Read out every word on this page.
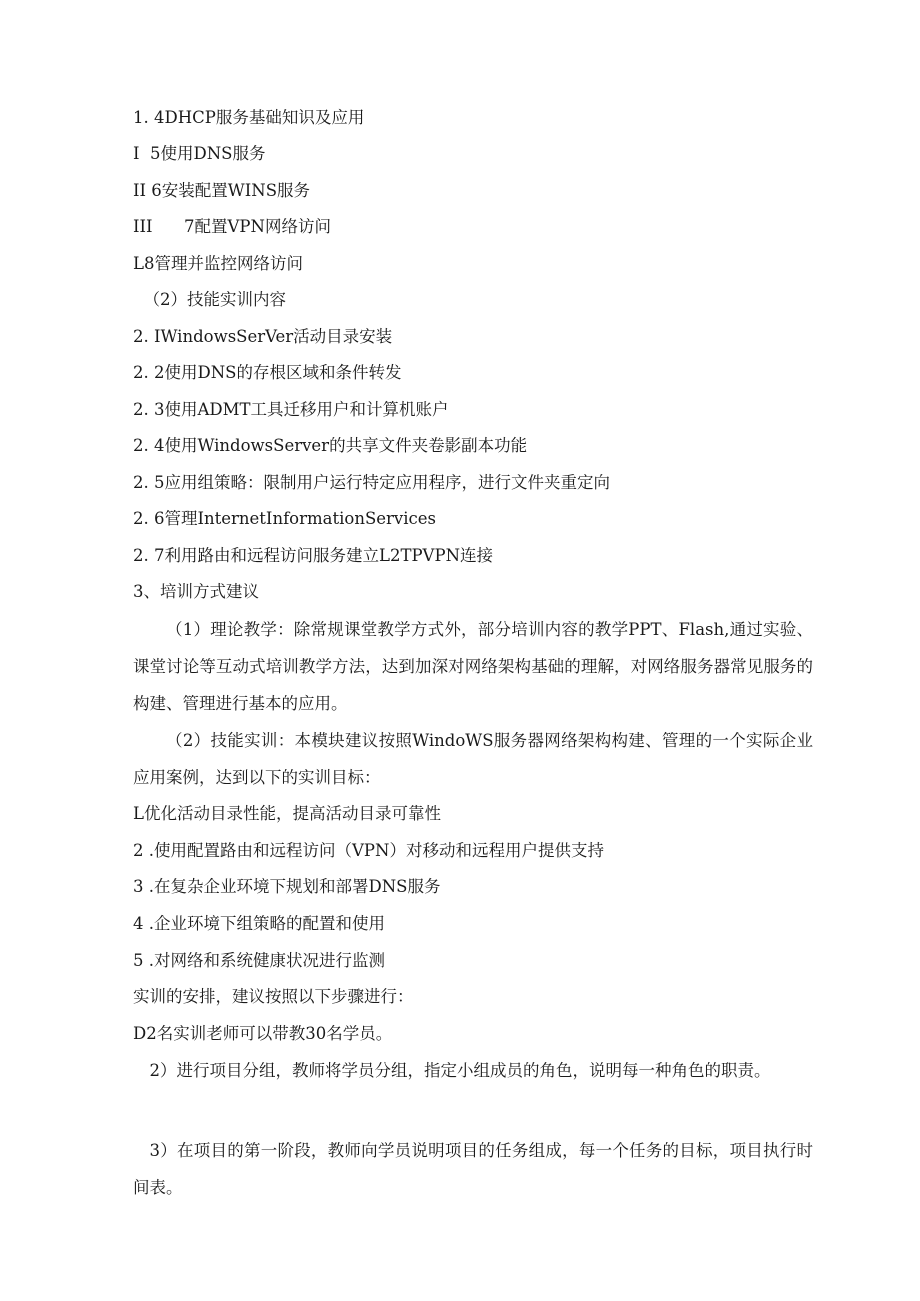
1. 4DHCP服务基础知识及应用
I  5使用DNS服务
II 6安装配置WINS服务
III      7配置VPN网络访问
L8管理并监控网络访问
（2）技能实训内容
2. IWindowsSerVer活动目录安装
2. 2使用DNS的存根区域和条件转发
2. 3使用ADMT工具迁移用户和计算机账户
2. 4使用WindowsServer的共享文件夹卷影副本功能
2. 5应用组策略：限制用户运行特定应用程序，进行文件夹重定向
2. 6管理InternetInformationServices
2. 7利用路由和远程访问服务建立L2TPVPN连接
3、培训方式建议
（1）理论教学：除常规课堂教学方式外，部分培训内容的教学PPT、Flash,通过实验、课堂讨论等互动式培训教学方法，达到加深对网络架构基础的理解，对网络服务器常见服务的构建、管理进行基本的应用。
（2）技能实训：本模块建议按照WindoWS服务器网络架构构建、管理的一个实际企业应用案例，达到以下的实训目标：
L优化活动目录性能，提高活动目录可靠性
2 .使用配置路由和远程访问（VPN）对移动和远程用户提供支持
3 .在复杂企业环境下规划和部署DNS服务
4 .企业环境下组策略的配置和使用
5 .对网络和系统健康状况进行监测
实训的安排，建议按照以下步骤进行：
D2名实训老师可以带教30名学员。
2）进行项目分组，教师将学员分组，指定小组成员的角色，说明每一种角色的职责。
3）在项目的第一阶段，教师向学员说明项目的任务组成，每一个任务的目标，项目执行时间表。
